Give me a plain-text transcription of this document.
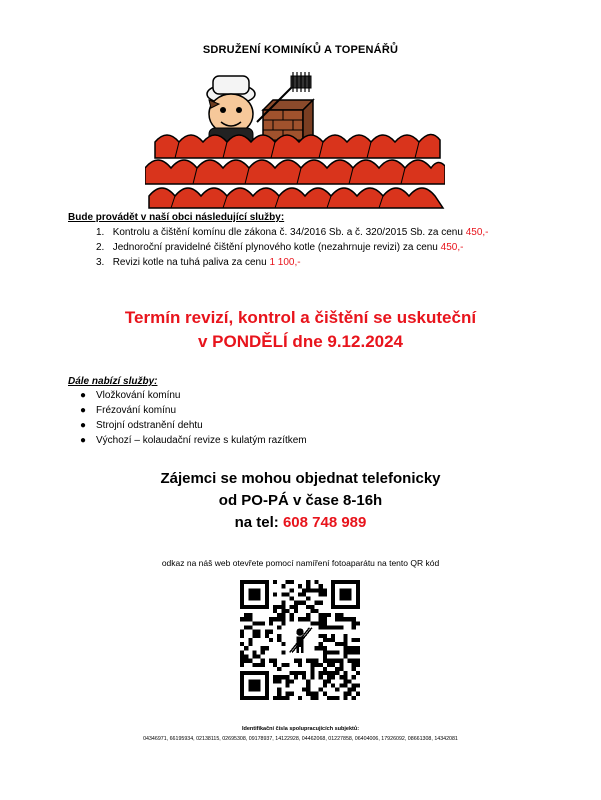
SDRUŽENÍ KOMINÍKŮ A TOPENÁŘŮ
Bude provádět v naší obci následující služby:
1. Kontrolu a čištění komínu dle zákona č. 34/2016 Sb. a č. 320/2015 Sb. za cenu 450,-
2. Jednoroční pravidelné čištění plynového kotle (nezahrnuje revizi) za cenu 450,-
3. Revizi kotle na tuhá paliva za cenu 1 100,-
Termín revizí, kontrol a čištění se uskuteční
v PONDĚLÍ dne 9.12.2024
Dále nabízí služby:
● Vložkování komínu
● Frézování komínu
● Strojní odstranění dehtu
● Výchozí – kolaudační revize s kulatým razítkem
Zájemci se mohou objednat telefonicky
od PO-PÁ v čase 8-16h
na tel: 608 748 989
odkaz na náš web otevřete pomocí namíření fotoaparátu na tento QR kód
Identifikační čísla spolupracujících subjektů:
04346971, 66195934, 02138115, 02695308, 09178937, 14122928, 04462068, 01227858, 06404006, 17926092, 08661308, 14342081
